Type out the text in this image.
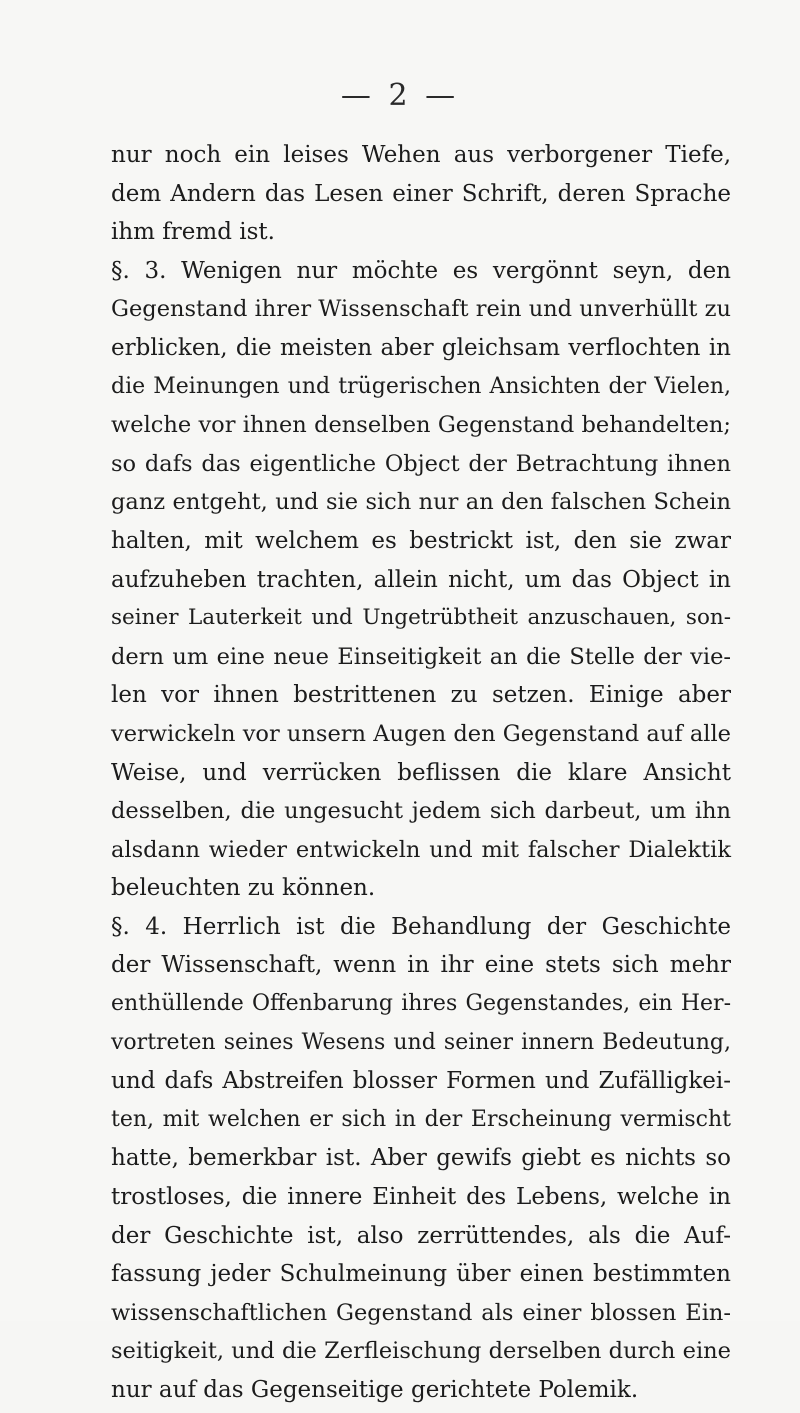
— 2 —
nur noch ein leises Wehen aus verborgener Tiefe,
dem Andern das Lesen einer Schrift, deren Sprache
ihm fremd ist.
§. 3. Wenigen nur möchte es vergönnt seyn, den
Gegenstand ihrer Wissenschaft rein und unverhüllt zu
erblicken, die meisten aber gleichsam verflochten in
die Meinungen und trügerischen Ansichten der Vielen,
welche vor ihnen denselben Gegenstand behandelten;
so dafs das eigentliche Object der Betrachtung ihnen
ganz entgeht, und sie sich nur an den falschen Schein
halten, mit welchem es bestrickt ist, den sie zwar
aufzuheben trachten, allein nicht, um das Object in
seiner Lauterkeit und Ungetrübtheit anzuschauen, son-
dern um eine neue Einseitigkeit an die Stelle der vie-
len vor ihnen bestrittenen zu setzen. Einige aber
verwickeln vor unsern Augen den Gegenstand auf alle
Weise, und verrücken beflissen die klare Ansicht
desselben, die ungesucht jedem sich darbeut, um ihn
alsdann wieder entwickeln und mit falscher Dialektik
beleuchten zu können.
§. 4. Herrlich ist die Behandlung der Geschichte
der Wissenschaft, wenn in ihr eine stets sich mehr
enthüllende Offenbarung ihres Gegenstandes, ein Her-
vortreten seines Wesens und seiner innern Bedeutung,
und dafs Abstreifen blosser Formen und Zufälligkei-
ten, mit welchen er sich in der Erscheinung vermischt
hatte, bemerkbar ist. Aber gewifs giebt es nichts so
trostloses, die innere Einheit des Lebens, welche in
der Geschichte ist, also zerrüttendes, als die Auf-
fassung jeder Schulmeinung über einen bestimmten
wissenschaftlichen Gegenstand als einer blossen Ein-
seitigkeit, und die Zerfleischung derselben durch eine
nur auf das Gegenseitige gerichtete Polemik.
